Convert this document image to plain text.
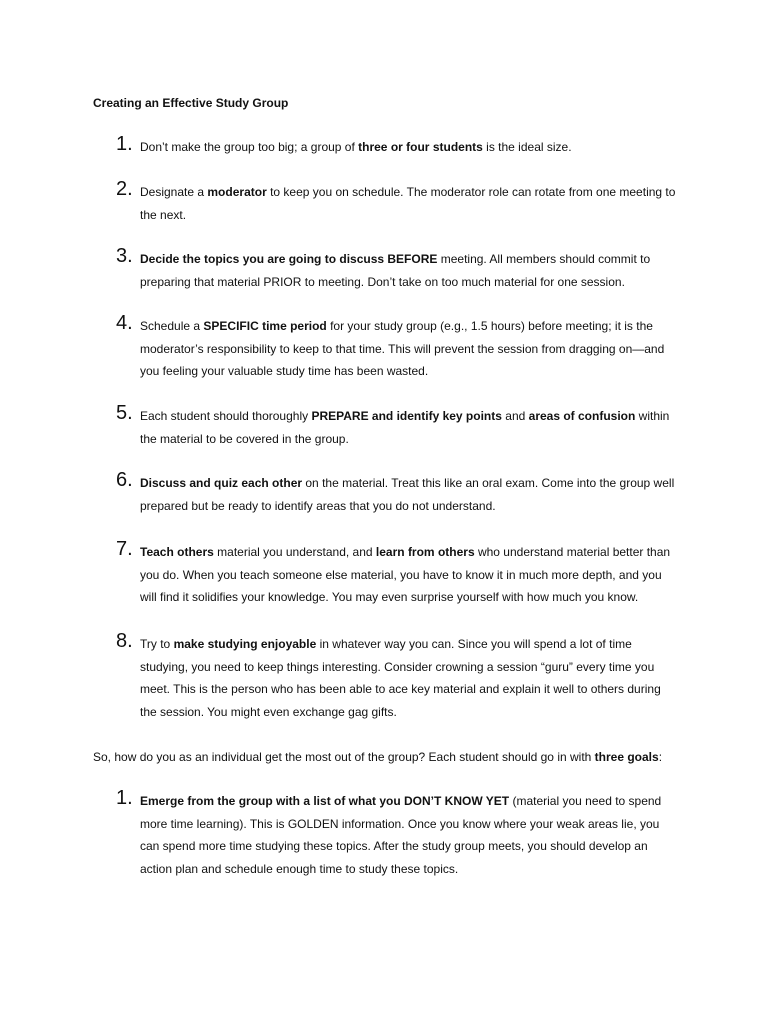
Creating an Effective Study Group
1. Don’t make the group too big; a group of three or four students is the ideal size.
2. Designate a moderator to keep you on schedule. The moderator role can rotate from one meeting to the next.
3. Decide the topics you are going to discuss BEFORE meeting. All members should commit to preparing that material PRIOR to meeting. Don’t take on too much material for one session.
4. Schedule a SPECIFIC time period for your study group (e.g., 1.5 hours) before meeting; it is the moderator’s responsibility to keep to that time. This will prevent the session from dragging on—and you feeling your valuable study time has been wasted.
5. Each student should thoroughly PREPARE and identify key points and areas of confusion within the material to be covered in the group.
6. Discuss and quiz each other on the material. Treat this like an oral exam. Come into the group well prepared but be ready to identify areas that you do not understand.
7. Teach others material you understand, and learn from others who understand material better than you do. When you teach someone else material, you have to know it in much more depth, and you will find it solidifies your knowledge. You may even surprise yourself with how much you know.
8. Try to make studying enjoyable in whatever way you can. Since you will spend a lot of time studying, you need to keep things interesting. Consider crowning a session “guru” every time you meet. This is the person who has been able to ace key material and explain it well to others during the session. You might even exchange gag gifts.
So, how do you as an individual get the most out of the group? Each student should go in with three goals:
1. Emerge from the group with a list of what you DON’T KNOW YET (material you need to spend more time learning). This is GOLDEN information. Once you know where your weak areas lie, you can spend more time studying these topics. After the study group meets, you should develop an action plan and schedule enough time to study these topics.
